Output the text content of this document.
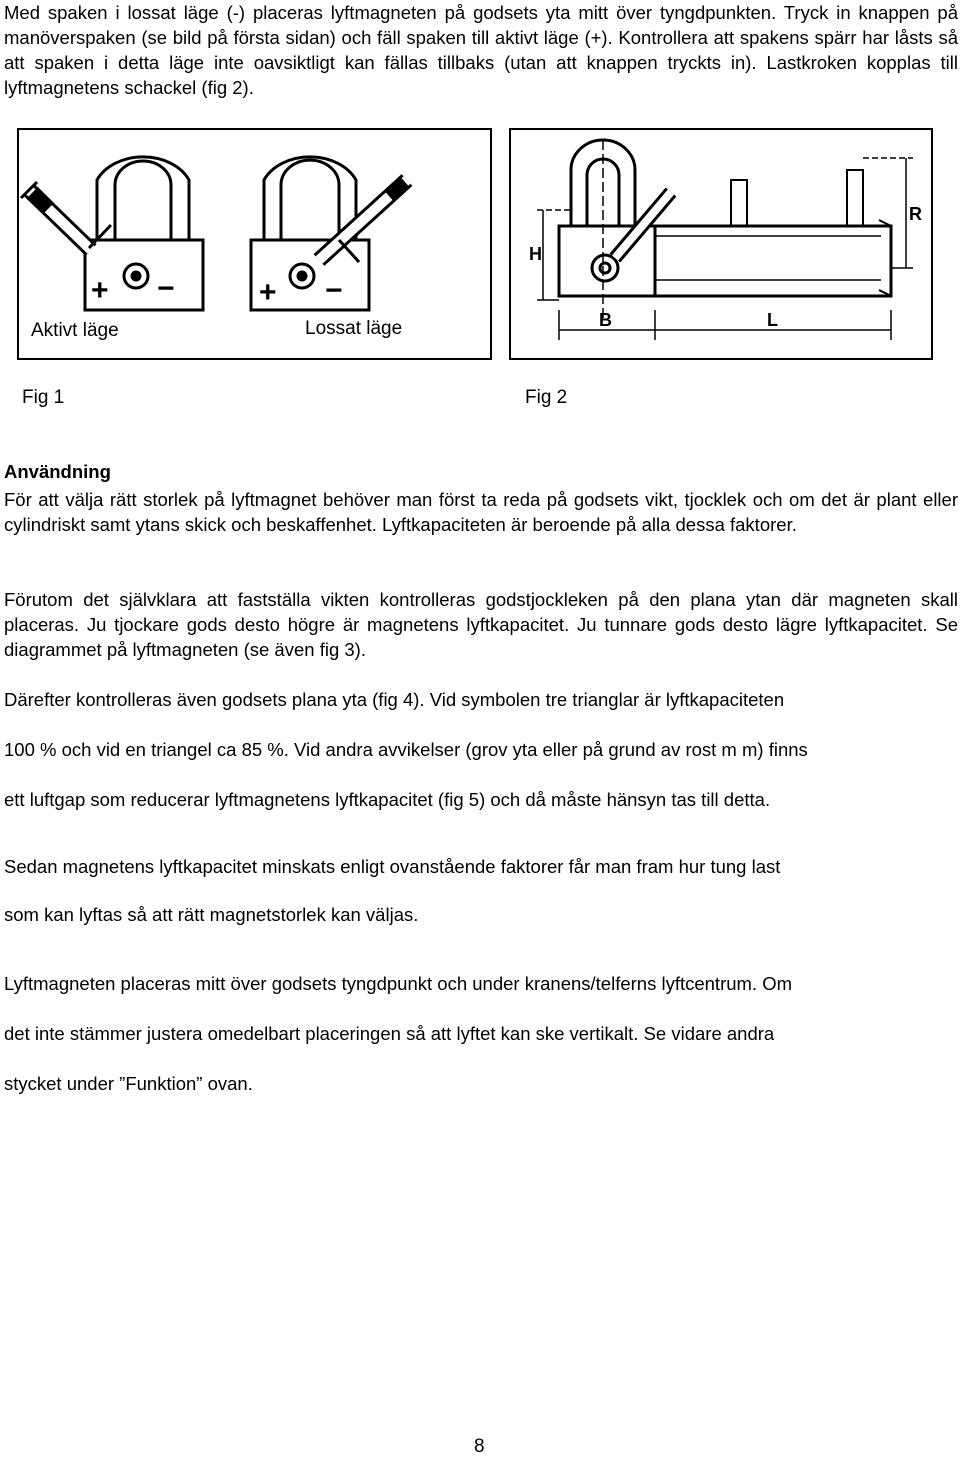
Med spaken i lossat läge (-) placeras lyftmagneten på godsets yta mitt över tyngdpunkten. Tryck in knappen på manöverspaken (se bild på första sidan) och fäll spaken till aktivt läge (+). Kontrollera att spakens spärr har låsts så att spaken i detta läge inte oavsiktligt kan fällas tillbaks (utan att knappen tryckts in). Lastkroken kopplas till lyftmagnetens schackel (fig 2).
+ −	+ −
Aktivt läge	Lossat läge
Fig 1
H
R
B	L
Fig 2
Användning
För att välja rätt storlek på lyftmagnet behöver man först ta reda på godsets vikt, tjocklek och om det är plant eller cylindriskt samt ytans skick och beskaffenhet. Lyftkapaciteten är beroende på alla dessa faktorer.
Förutom det självklara att fastställa vikten kontrolleras godstjockleken på den plana ytan där magneten skall placeras. Ju tjockare gods desto högre är magnetens lyftkapacitet. Ju tunnare gods desto lägre lyftkapacitet. Se diagrammet på lyftmagneten (se även fig 3).
Därefter kontrolleras även godsets plana yta (fig 4). Vid symbolen tre trianglar är lyftkapaciteten
100 % och vid en triangel ca 85 %. Vid andra avvikelser (grov yta eller på grund av rost m m) finns
ett luftgap som reducerar lyftmagnetens lyftkapacitet (fig 5) och då måste hänsyn tas till detta.
Sedan magnetens lyftkapacitet minskats enligt ovanstående faktorer får man fram hur tung last
som kan lyftas så att rätt magnetstorlek kan väljas.
Lyftmagneten placeras mitt över godsets tyngdpunkt och under kranens/telferns lyftcentrum. Om
det inte stämmer justera omedelbart placeringen så att lyftet kan ske vertikalt. Se vidare andra
stycket under ”Funktion” ovan.
8
